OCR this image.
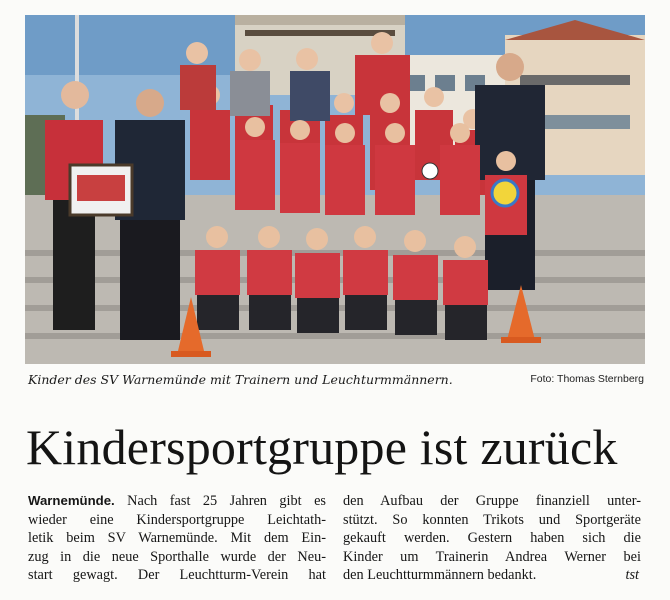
Kinder des SV Warnemünde mit Trainern und Leuchturmmännern.	Foto: Thomas Sternberg
Kindersportgruppe ist zurück
Warnemünde. Nach fast 25 Jahren gibt es
wieder eine Kindersportgruppe Leichtath-
letik beim SV Warnemünde. Mit dem Ein-
zug in die neue Sporthalle wurde der Neu-
start gewagt. Der Leuchtturm-Verein hat
den Aufbau der Gruppe finanziell unter-
stützt. So konnten Trikots und Sportgeräte
gekauft werden. Gestern haben sich die
Kinder um Trainerin Andrea Werner bei
den Leuchtturmmännern bedankt.	tst
